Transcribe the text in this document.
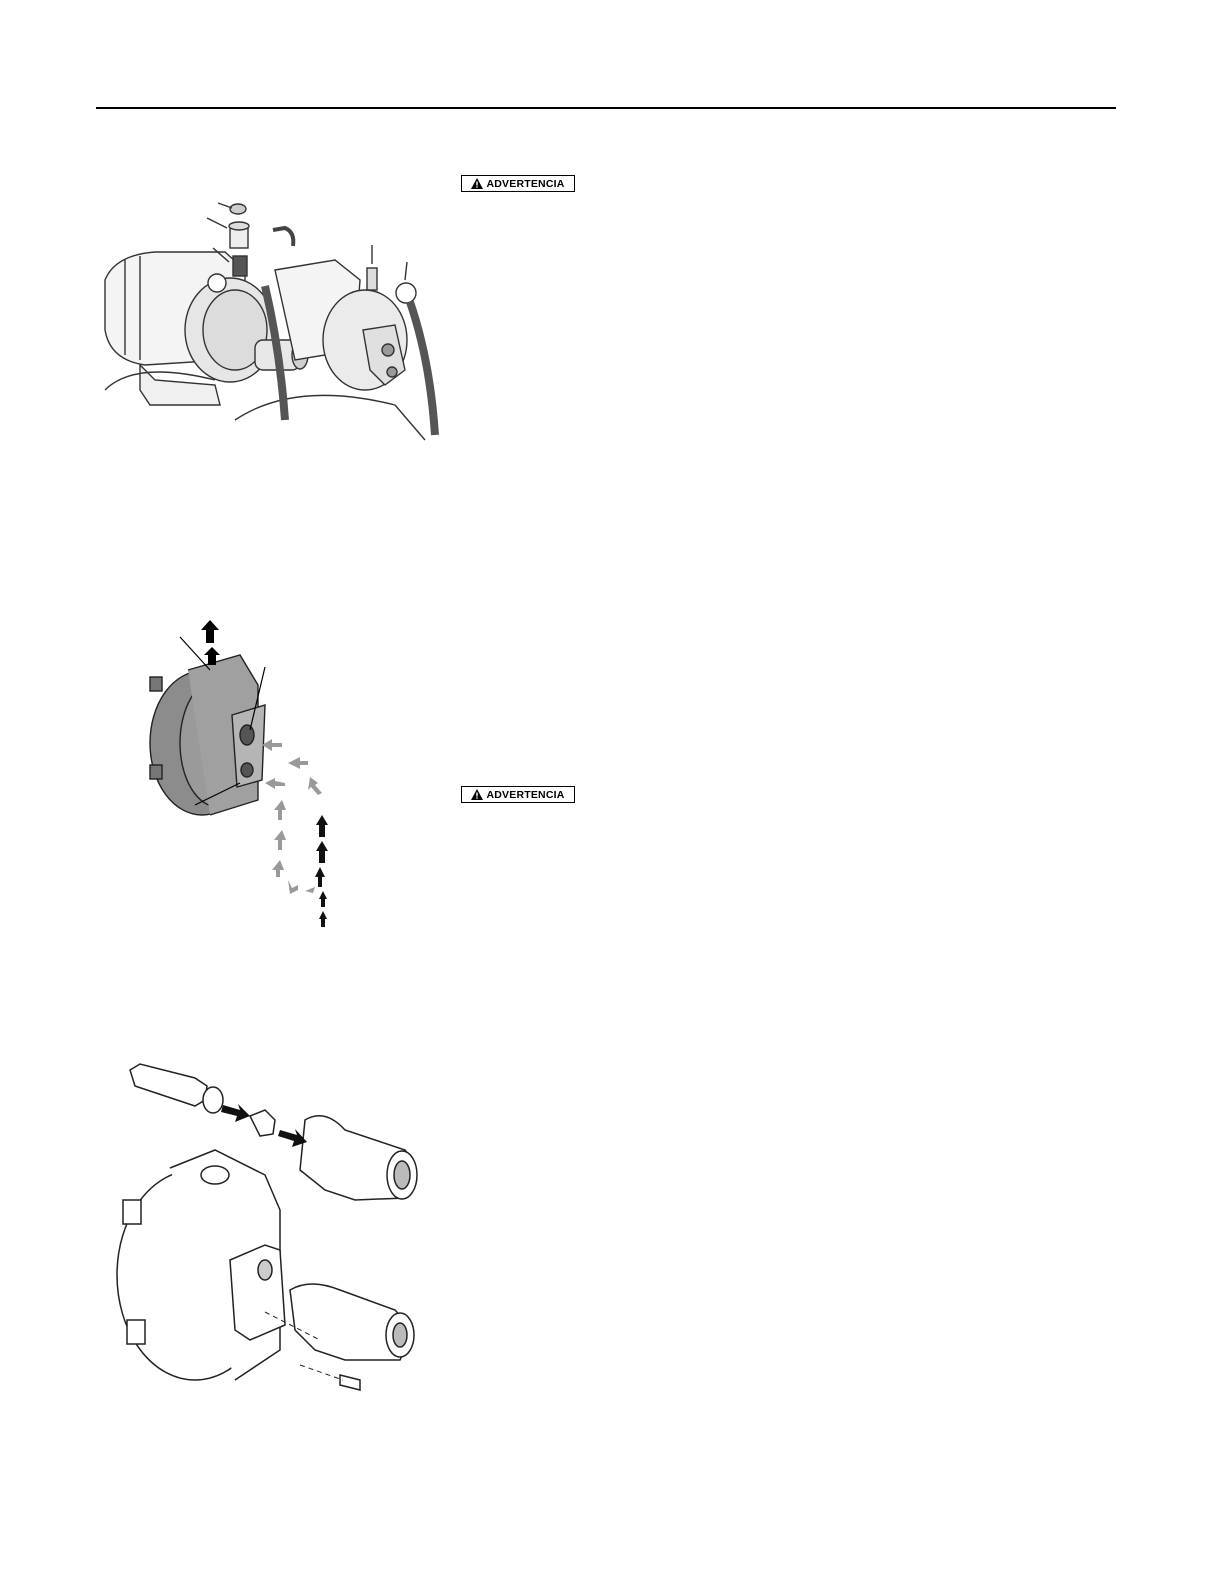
ADVERTENCIA
ADVERTENCIA
